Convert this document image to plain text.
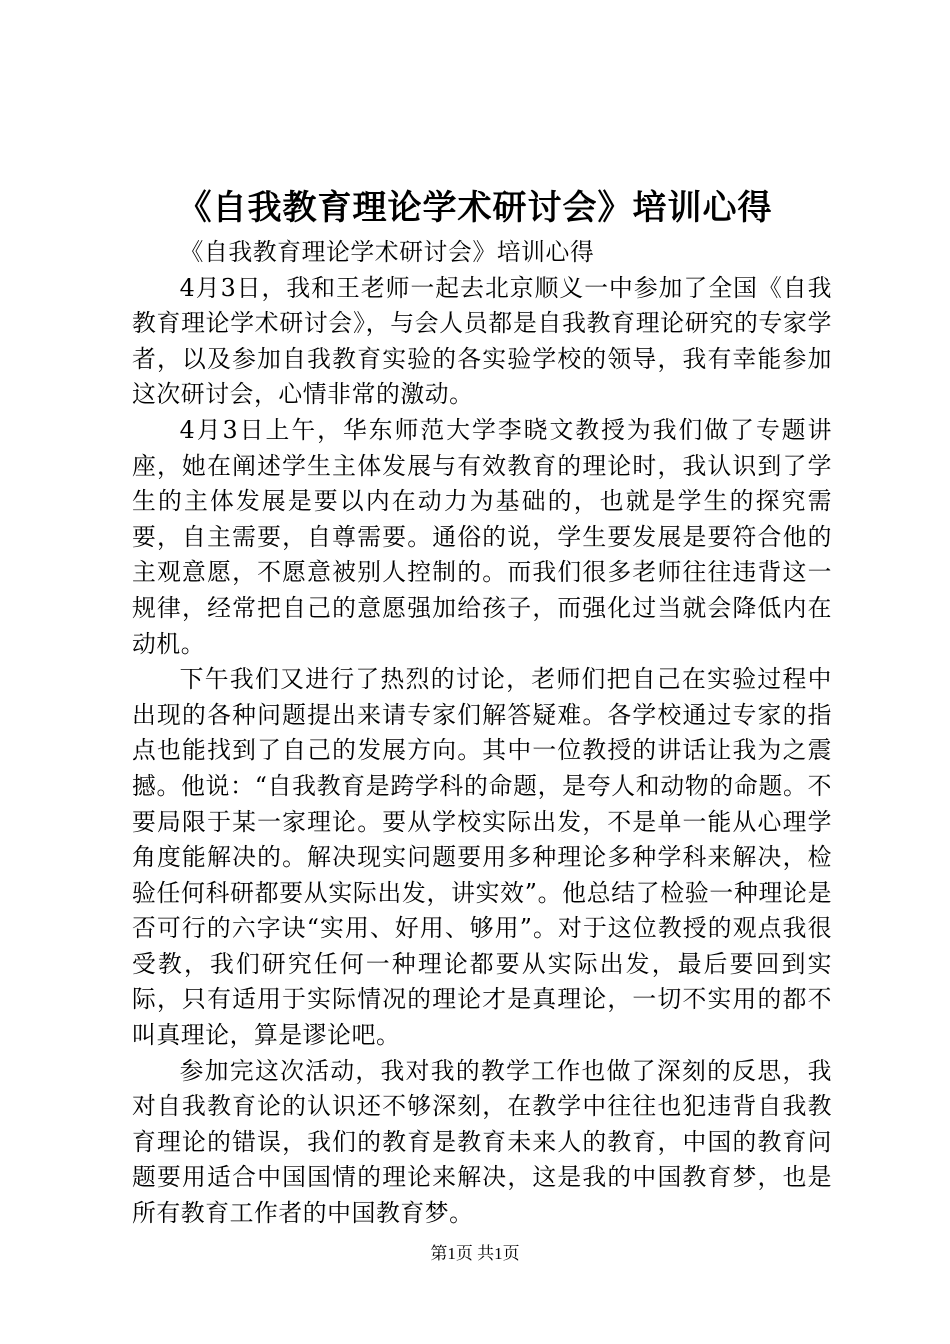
《自我教育理论学术研讨会》培训心得

《自我教育理论学术研讨会》培训心得

4月3日，我和王老师一起去北京顺义一中参加了全国《自我教育理论学术研讨会》，与会人员都是自我教育理论研究的专家学者，以及参加自我教育实验的各实验学校的领导，我有幸能参加这次研讨会，心情非常的激动。

4月3日上午，华东师范大学李晓文教授为我们做了专题讲座，她在阐述学生主体发展与有效教育的理论时，我认识到了学生的主体发展是要以内在动力为基础的，也就是学生的探究需要，自主需要，自尊需要。通俗的说，学生要发展是要符合他的主观意愿，不愿意被别人控制的。而我们很多老师往往违背这一规律，经常把自己的意愿强加给孩子，而强化过当就会降低内在动机。

下午我们又进行了热烈的讨论，老师们把自己在实验过程中出现的各种问题提出来请专家们解答疑难。各学校通过专家的指点也能找到了自己的发展方向。其中一位教授的讲话让我为之震撼。他说：“自我教育是跨学科的命题，是夸人和动物的命题。不要局限于某一家理论。要从学校实际出发，不是单一能从心理学角度能解决的。解决现实问题要用多种理论多种学科来解决，检验任何科研都要从实际出发，讲实效”。他总结了检验一种理论是否可行的六字诀“实用、好用、够用”。对于这位教授的观点我很受教，我们研究任何一种理论都要从实际出发，最后要回到实际，只有适用于实际情况的理论才是真理论，一切不实用的都不叫真理论，算是谬论吧。

参加完这次活动，我对我的教学工作也做了深刻的反思，我对自我教育论的认识还不够深刻，在教学中往往也犯违背自我教育理论的错误，我们的教育是教育未来人的教育，中国的教育问题要用适合中国国情的理论来解决，这是我的中国教育梦，也是所有教育工作者的中国教育梦。

第1页 共1页
